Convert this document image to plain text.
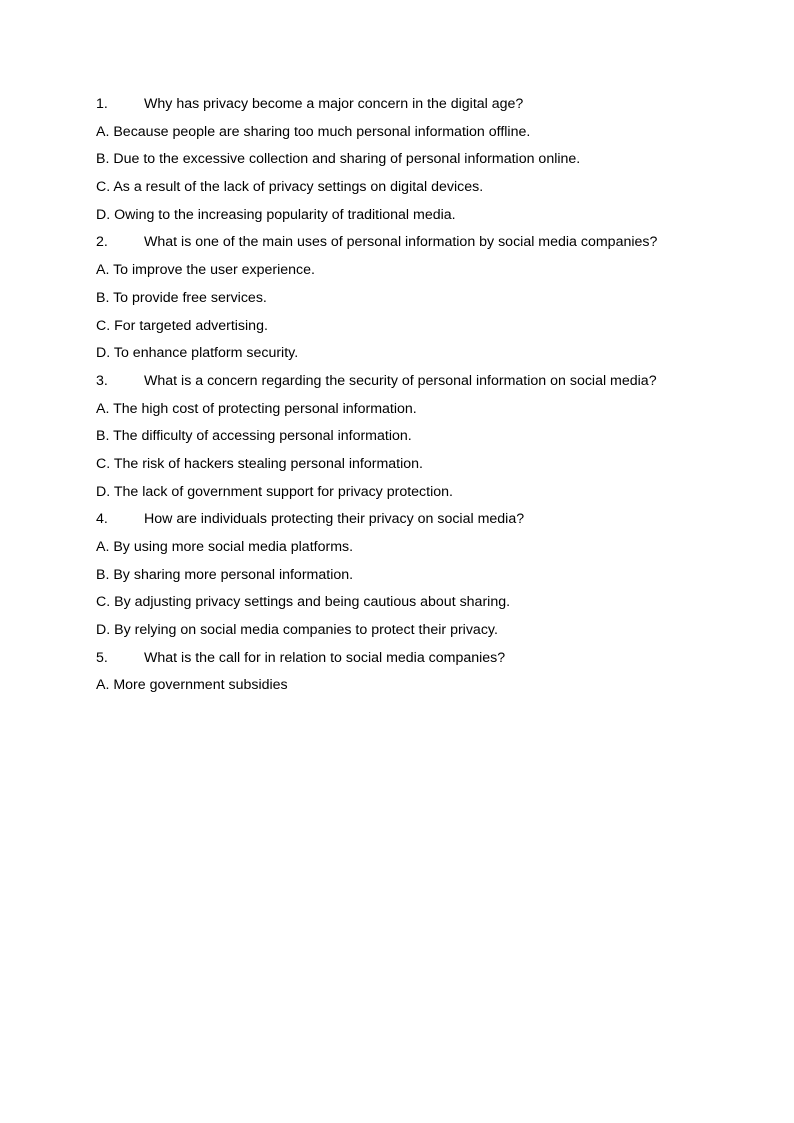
1.	Why has privacy become a major concern in the digital age?
A. Because people are sharing too much personal information offline.
B. Due to the excessive collection and sharing of personal information online.
C. As a result of the lack of privacy settings on digital devices.
D. Owing to the increasing popularity of traditional media.
2.	What is one of the main uses of personal information by social media companies?
A. To improve the user experience.
B. To provide free services.
C. For targeted advertising.
D. To enhance platform security.
3.	What is a concern regarding the security of personal information on social media?
A. The high cost of protecting personal information.
B. The difficulty of accessing personal information.
C. The risk of hackers stealing personal information.
D. The lack of government support for privacy protection.
4.	How are individuals protecting their privacy on social media?
A. By using more social media platforms.
B. By sharing more personal information.
C. By adjusting privacy settings and being cautious about sharing.
D. By relying on social media companies to protect their privacy.
5.	What is the call for in relation to social media companies?
A. More government subsidies
